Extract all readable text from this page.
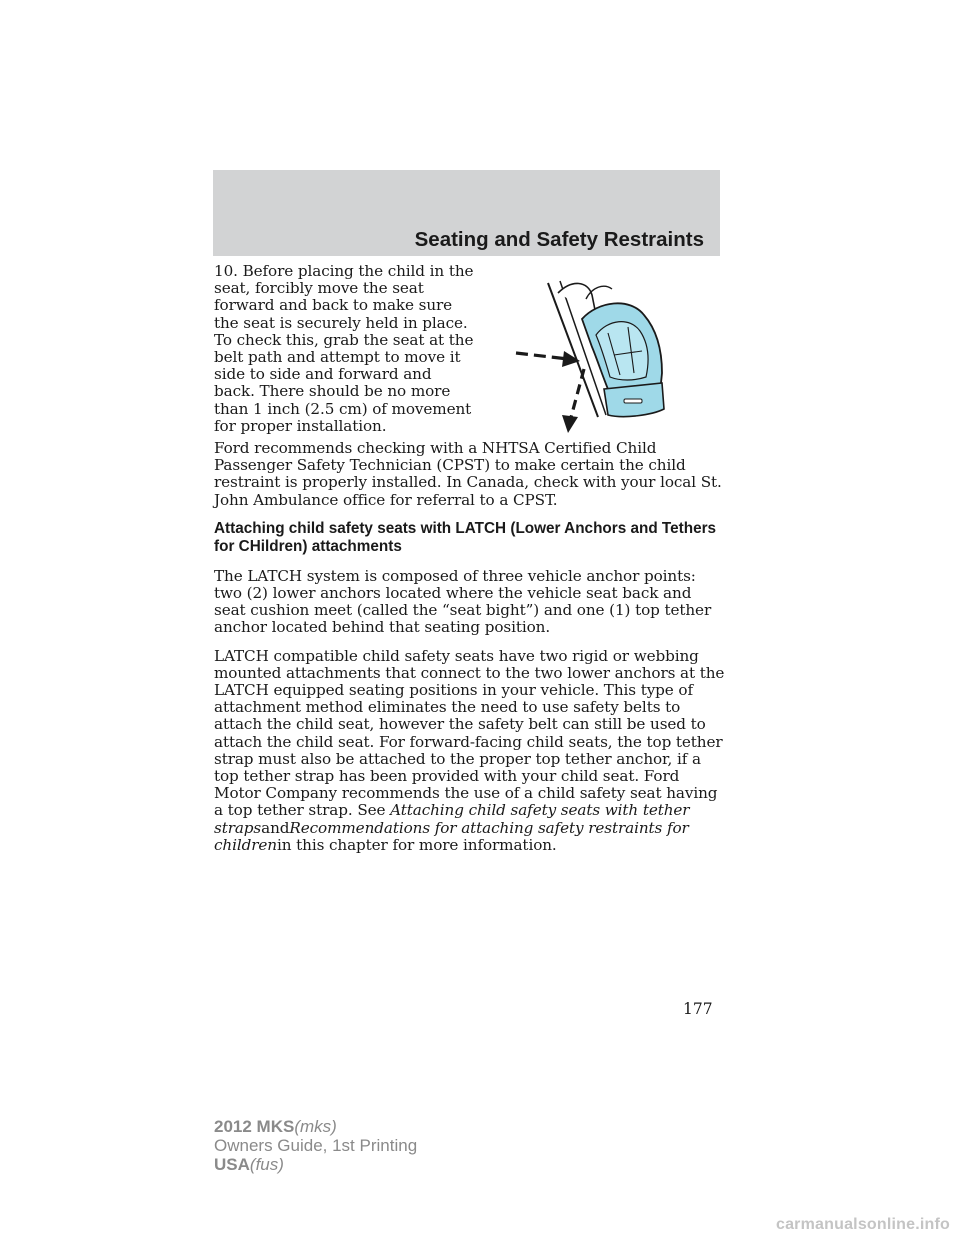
Seating and Safety Restraints

10. Before placing the child in the seat, forcibly move the seat forward and back to make sure the seat is securely held in place. To check this, grab the seat at the belt path and attempt to move it side to side and forward and back. There should be no more than 1 inch (2.5 cm) of movement for proper installation.

Ford recommends checking with a NHTSA Certified Child Passenger Safety Technician (CPST) to make certain the child restraint is properly installed. In Canada, check with your local St. John Ambulance office for referral to a CPST.

Attaching child safety seats with LATCH (Lower Anchors and Tethers for CHildren) attachments

The LATCH system is composed of three vehicle anchor points: two (2) lower anchors located where the vehicle seat back and seat cushion meet (called the “seat bight”) and one (1) top tether anchor located behind that seating position.

LATCH compatible child safety seats have two rigid or webbing mounted attachments that connect to the two lower anchors at the LATCH equipped seating positions in your vehicle. This type of attachment method eliminates the need to use safety belts to attach the child seat, however the safety belt can still be used to attach the child seat. For forward-facing child seats, the top tether strap must also be attached to the proper top tether anchor, if a top tether strap has been provided with your child seat. Ford Motor Company recommends the use of a child safety seat having a top tether strap. See Attaching child safety seats with tether strapsandRecommendations for attaching safety restraints for childrenin this chapter for more information.

177
2012 MKS(mks)
Owners Guide, 1st Printing
USA(fus)
carmanualsonline.info
